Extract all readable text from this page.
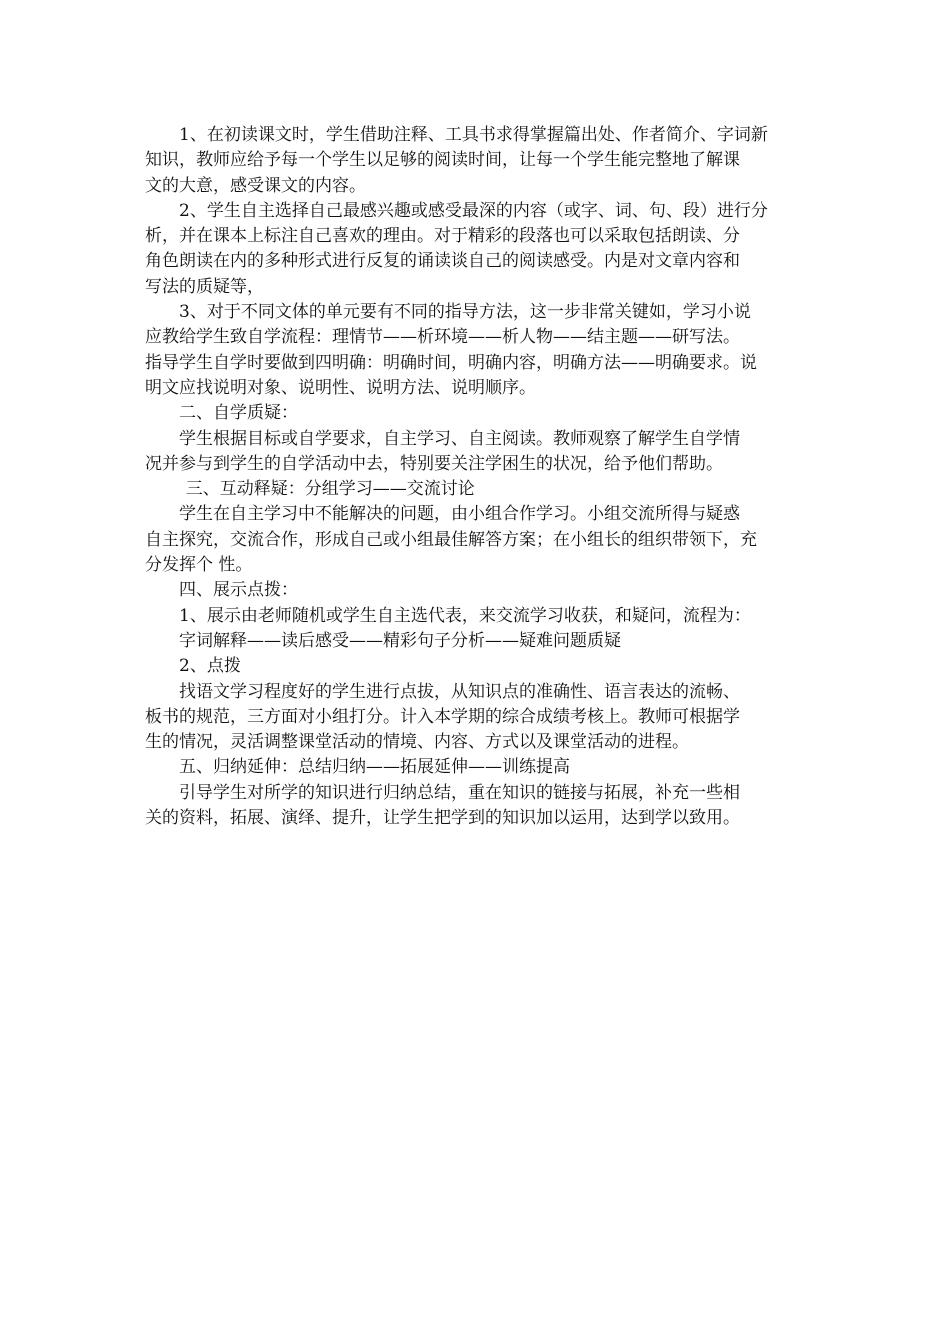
1、在初读课文时，学生借助注释、工具书求得掌握篇出处、作者简介、字词新
知识，教师应给予每一个学生以足够的阅读时间，让每一个学生能完整地了解课
文的大意，感受课文的内容。

2、学生自主选择自己最感兴趣或感受最深的内容（或字、词、句、段）进行分
析，并在课本上标注自己喜欢的理由。对于精彩的段落也可以采取包括朗读、分
角色朗读在内的多种形式进行反复的诵读谈自己的阅读感受。内是对文章内容和
写法的质疑等，

3、对于不同文体的单元要有不同的指导方法，这一步非常关键如，学习小说
应教给学生致自学流程：理情节——析环境——析人物——结主题——研写法。
指导学生自学时要做到四明确：明确时间，明确内容，明确方法——明确要求。说
明文应找说明对象、说明性、说明方法、说明顺序。

二、自学质疑：

学生根据目标或自学要求，自主学习、自主阅读。教师观察了解学生自学情
况并参与到学生的自学活动中去，特别要关注学困生的状况，给予他们帮助。

三、互动释疑：分组学习——交流讨论

学生在自主学习中不能解决的问题，由小组合作学习。小组交流所得与疑惑
自主探究，交流合作，形成自己或小组最佳解答方案；在小组长的组织带领下，充
分发挥个 性。

四、展示点拨：

1、展示由老师随机或学生自主选代表，来交流学习收获，和疑问，流程为：
字词解释——读后感受——精彩句子分析——疑难问题质疑

2、点拨

找语文学习程度好的学生进行点拔，从知识点的准确性、语言表达的流畅、
板书的规范，三方面对小组打分。计入本学期的综合成绩考核上。教师可根据学
生的情况，灵活调整课堂活动的情境、内容、方式以及课堂活动的进程。

五、归纳延伸：总结归纳——拓展延伸——训练提高

引导学生对所学的知识进行归纳总结，重在知识的链接与拓展，补充一些相
关的资料，拓展、演绎、提升，让学生把学到的知识加以运用，达到学以致用。
